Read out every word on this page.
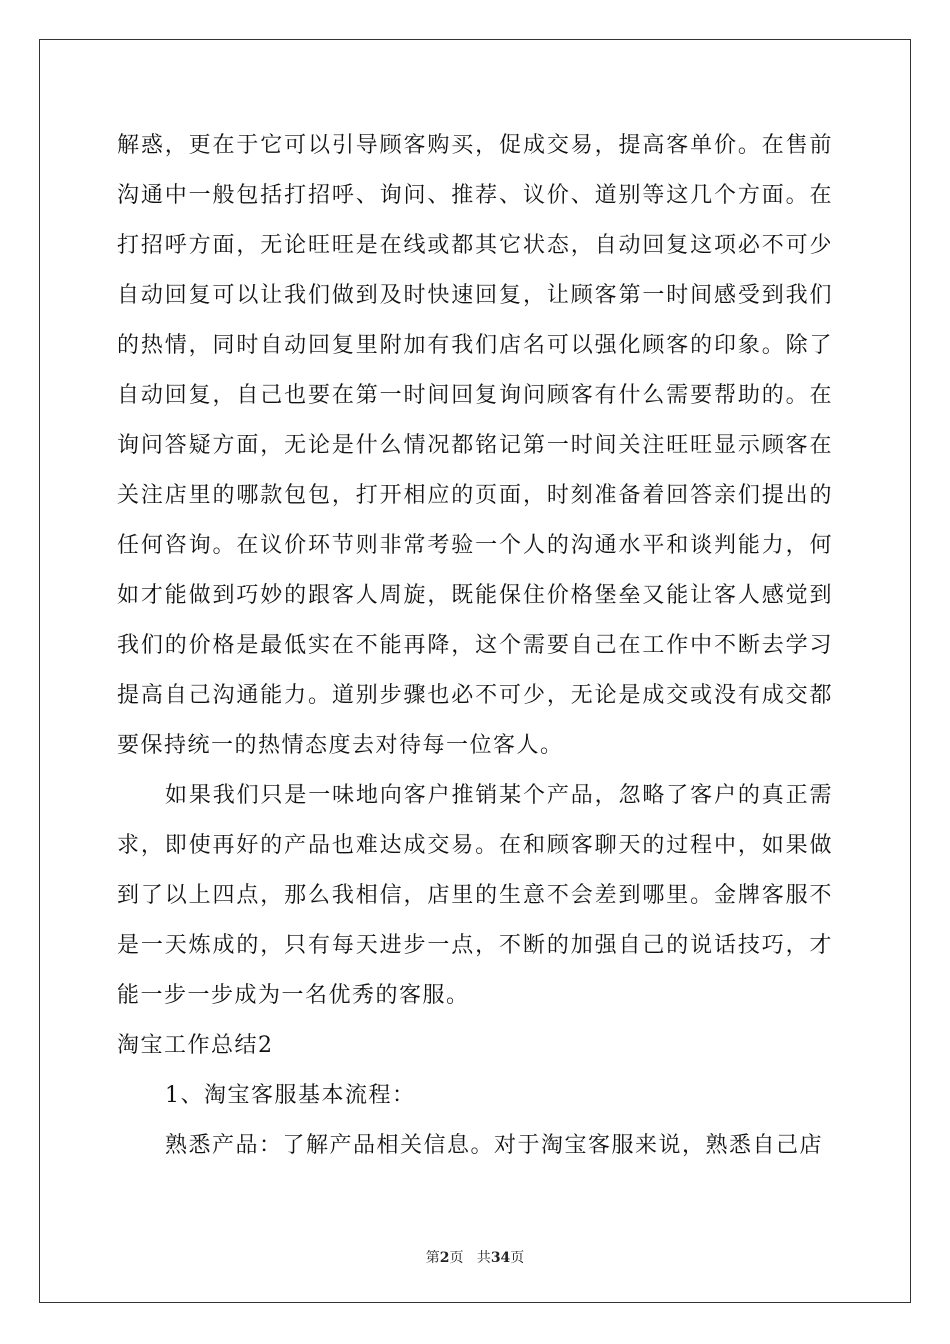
解惑，更在于它可以引导顾客购买，促成交易，提高客单价。在售前沟通中一般包括打招呼、询问、推荐、议价、道别等这几个方面。在打招呼方面，无论旺旺是在线或都其它状态，自动回复这项必不可少自动回复可以让我们做到及时快速回复，让顾客第一时间感受到我们的热情，同时自动回复里附加有我们店名可以强化顾客的印象。除了自动回复，自己也要在第一时间回复询问顾客有什么需要帮助的。在询问答疑方面，无论是什么情况都铭记第一时间关注旺旺显示顾客在关注店里的哪款包包，打开相应的页面，时刻准备着回答亲们提出的任何咨询。在议价环节则非常考验一个人的沟通水平和谈判能力，何如才能做到巧妙的跟客人周旋，既能保住价格堡垒又能让客人感觉到我们的价格是最低实在不能再降，这个需要自己在工作中不断去学习提高自己沟通能力。道别步骤也必不可少，无论是成交或没有成交都要保持统一的热情态度去对待每一位客人。

如果我们只是一味地向客户推销某个产品，忽略了客户的真正需求，即使再好的产品也难达成交易。在和顾客聊天的过程中，如果做到了以上四点，那么我相信，店里的生意不会差到哪里。金牌客服不是一天炼成的，只有每天进步一点，不断的加强自己的说话技巧，才能一步一步成为一名优秀的客服。

淘宝工作总结2

1、淘宝客服基本流程：

熟悉产品：了解产品相关信息。对于淘宝客服来说，熟悉自己店

第2页 共34页
